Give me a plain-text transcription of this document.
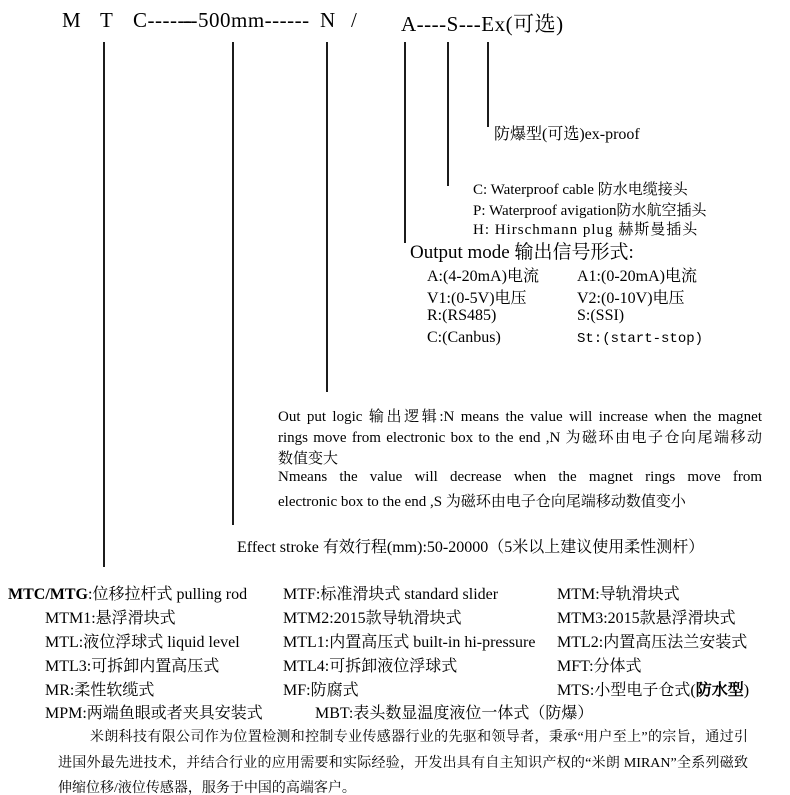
M T C------
--500mm------ N / A----S---Ex(可选)
防爆型(可选)ex-proof
C: Waterproof cable 防水电缆接头
P: Waterproof avigation防水航空插头
H: Hirschmann plug 赫斯曼插头
Output mode 输出信号形式:
A:(4-20mA)电流 A1:(0-20mA)电流
V1:(0-5V)电压	V2:(0-10V)电压
R:(RS485)	S:(SSI)
C:(Canbus)	St:(start-stop)
Out put logic 输出逻辑:N means the value will increase when the magnet
rings move from electronic box to the end ,N 为磁环由电子仓向尾端移动
数值变大
Nmeans the value will decrease when the magnet rings move from
electronic box to the end ,S 为磁环由电子仓向尾端移动数值变小
Effect stroke 有效行程(mm):50-20000（5米以上建议使用柔性测杆）
MTC/MTG:位移拉杆式 pulling rod MTF:标准滑块式 standard slider	MTM:导轨滑块式
MTM1:悬浮滑块式	MTM2:2015款导轨滑块式	MTM3:2015款悬浮滑块式
MTL:液位浮球式 liquid level	MTL1:内置高压式 built-in hi-pressure MTL2:内置高压法兰安装式
MTL3:可拆卸内置高压式	MTL4:可拆卸液位浮球式	MFT:分体式
MR:柔性软缆式	MF:防腐式	MTS:小型电子仓式(防水型)
MPM:两端鱼眼或者夹具安装式	MBT:表头数显温度液位一体式（防爆）
米朗科技有限公司作为位置检测和控制专业传感器行业的先驱和领导者，秉承“用户至上”的宗旨，通过引
进国外最先进技术，并结合行业的应用需要和实际经验，开发出具有自主知识产权的“米朗 MIRAN”全系列磁致
伸缩位移/液位传感器，服务于中国的高端客户。
